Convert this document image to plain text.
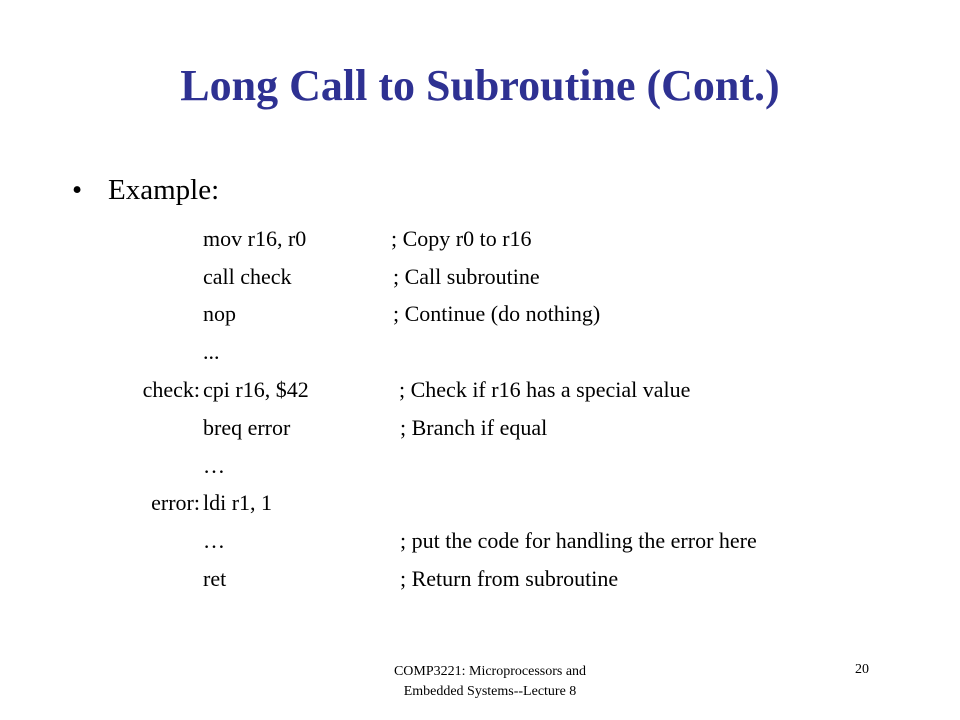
Long Call to Subroutine (Cont.)
• Example:
mov r16, r0	; Copy r0 to r16
call check	; Call subroutine
nop	; Continue (do nothing)
...
check: cpi r16, $42	; Check if r16 has a special value
breq error	; Branch if equal
…
error: ldi r1, 1
…	; put the code for handling the error here
ret	; Return from subroutine
COMP3221: Microprocessors and
Embedded Systems--Lecture 8
20
